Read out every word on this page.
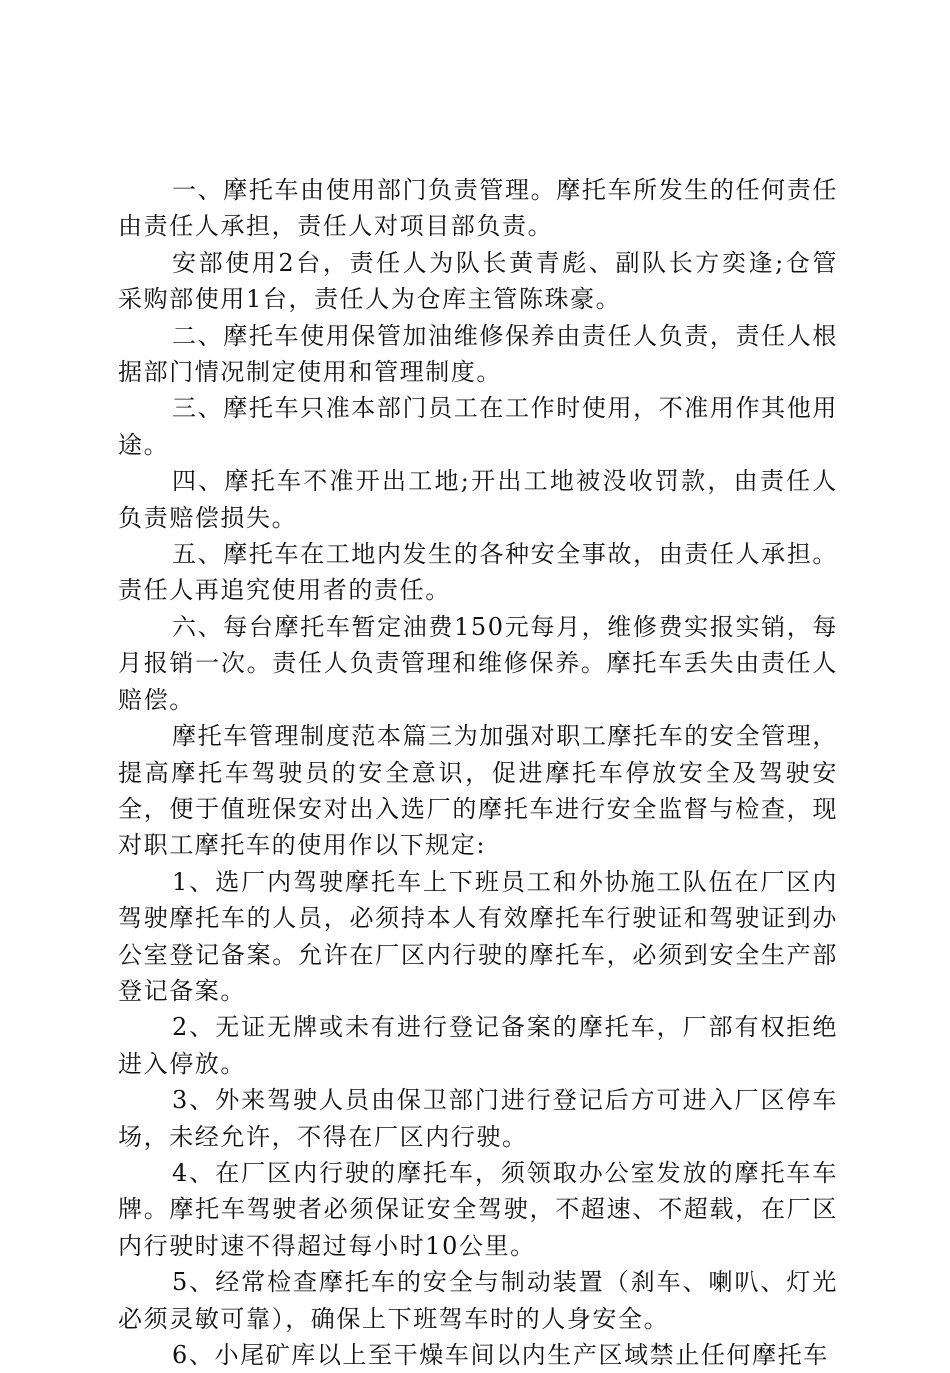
一、摩托车由使用部门负责管理。摩托车所发生的任何责任由责任人承担，责任人对项目部负责。

安部使用2台，责任人为队长黄青彪、副队长方奕逢;仓管采购部使用1台，责任人为仓库主管陈珠豪。

二、摩托车使用保管加油维修保养由责任人负责，责任人根据部门情况制定使用和管理制度。

三、摩托车只准本部门员工在工作时使用，不准用作其他用途。

四、摩托车不准开出工地;开出工地被没收罚款，由责任人负责赔偿损失。

五、摩托车在工地内发生的各种安全事故，由责任人承担。责任人再追究使用者的责任。

六、每台摩托车暂定油费150元每月，维修费实报实销，每月报销一次。责任人负责管理和维修保养。摩托车丢失由责任人赔偿。

摩托车管理制度范本篇三为加强对职工摩托车的安全管理，提高摩托车驾驶员的安全意识，促进摩托车停放安全及驾驶安全，便于值班保安对出入选厂的摩托车进行安全监督与检查，现对职工摩托车的使用作以下规定:

1、选厂内驾驶摩托车上下班员工和外协施工队伍在厂区内驾驶摩托车的人员，必须持本人有效摩托车行驶证和驾驶证到办公室登记备案。允许在厂区内行驶的摩托车，必须到安全生产部登记备案。

2、无证无牌或未有进行登记备案的摩托车，厂部有权拒绝进入停放。

3、外来驾驶人员由保卫部门进行登记后方可进入厂区停车场，未经允许，不得在厂区内行驶。

4、在厂区内行驶的摩托车，须领取办公室发放的摩托车车牌。摩托车驾驶者必须保证安全驾驶，不超速、不超载，在厂区内行驶时速不得超过每小时10公里。

5、经常检查摩托车的安全与制动装置（刹车、喇叭、灯光必须灵敏可靠），确保上下班驾车时的人身安全。

6、小尾矿库以上至干燥车间以内生产区域禁止任何摩托车
